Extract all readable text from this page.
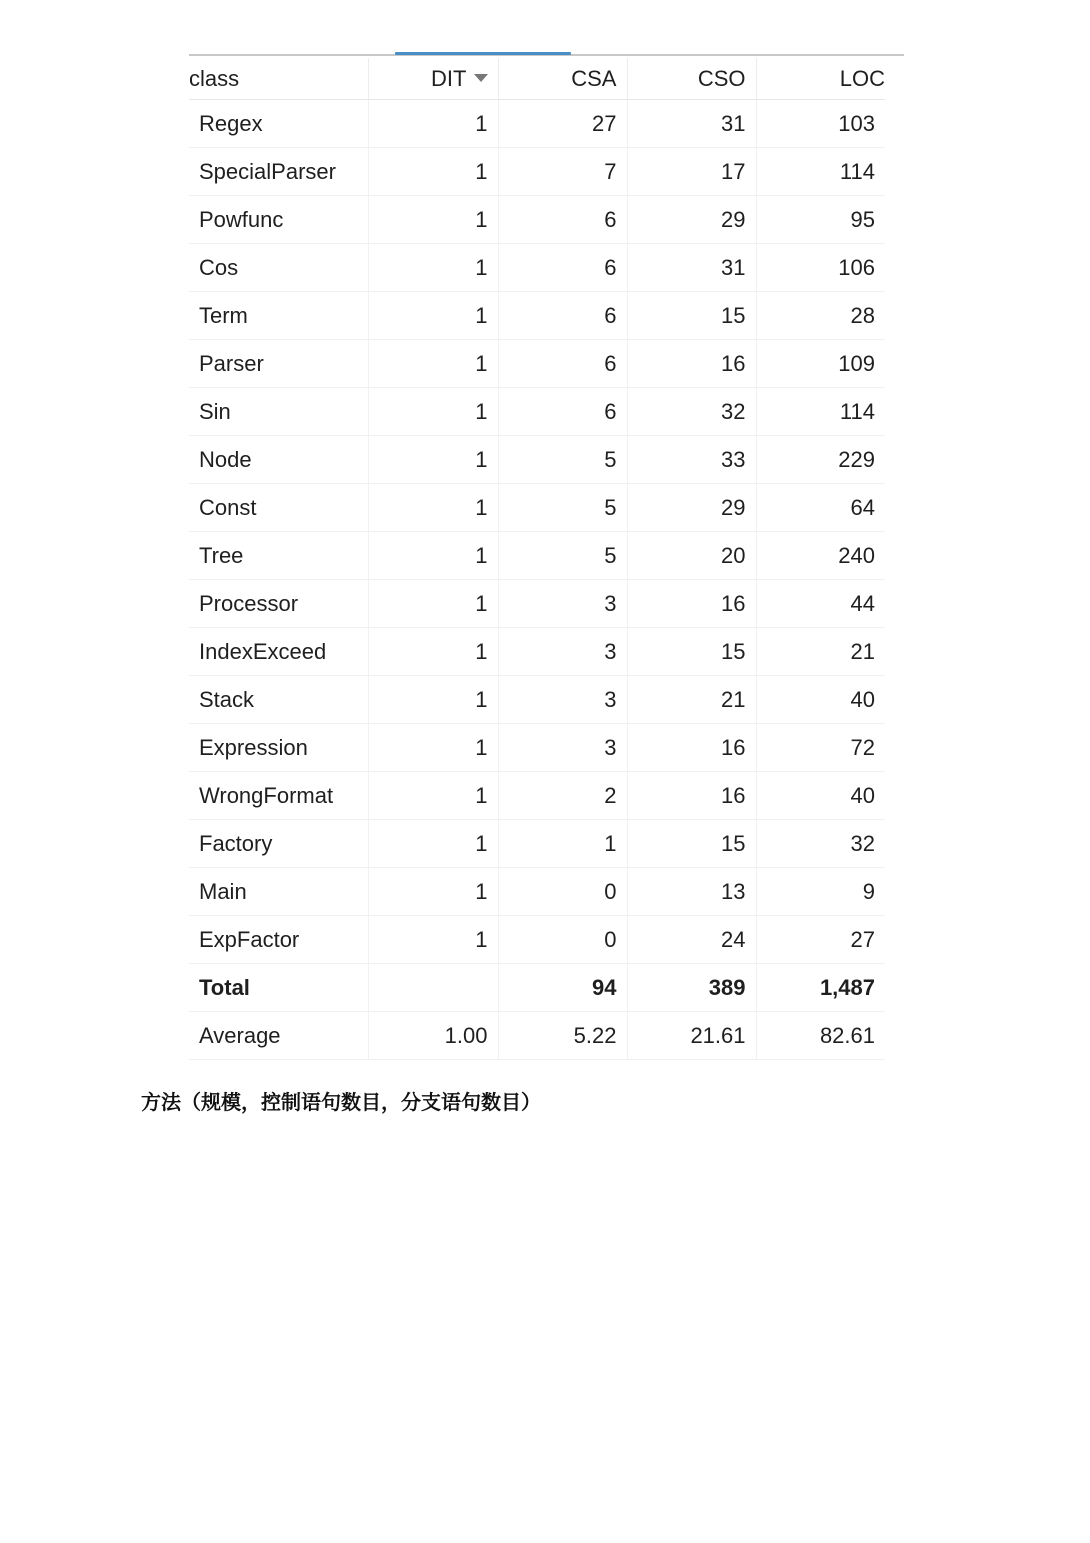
class	DIT	CSA	CSO	LOC
Regex	1	27	31	103
SpecialParser	1	7	17	114
Powfunc	1	6	29	95
Cos	1	6	31	106
Term	1	6	15	28
Parser	1	6	16	109
Sin	1	6	32	114
Node	1	5	33	229
Const	1	5	29	64
Tree	1	5	20	240
Processor	1	3	16	44
IndexExceed	1	3	15	21
Stack	1	3	21	40
Expression	1	3	16	72
WrongFormat	1	2	16	40
Factory	1	1	15	32
Main	1	0	13	9
ExpFactor	1	0	24	27
Total		94	389	1,487
Average	1.00	5.22	21.61	82.61
方法（规模，控制语句数目，分支语句数目）
